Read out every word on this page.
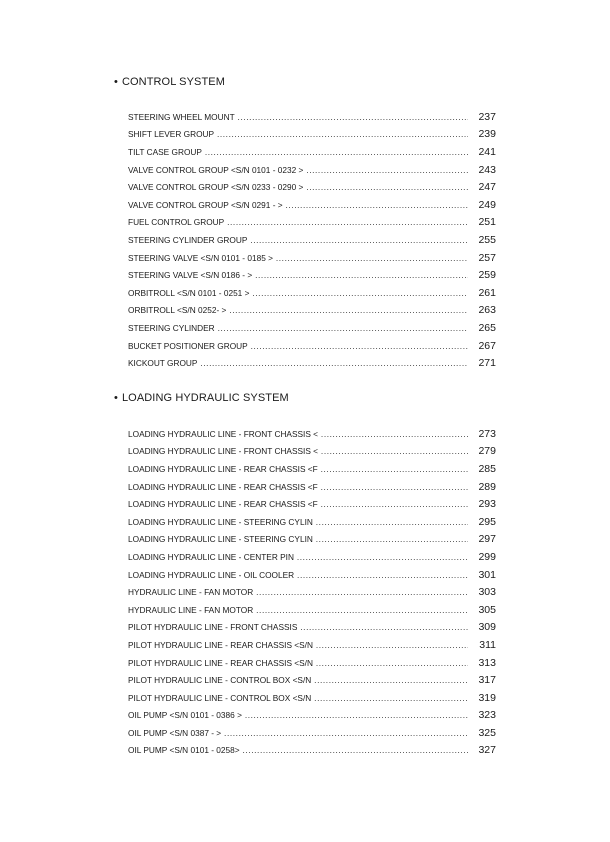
• CONTROL SYSTEM
STEERING WHEEL MOUNT .....	237
SHIFT LEVER GROUP .....	239
TILT CASE GROUP .....	241
VALVE CONTROL GROUP <S/N 0101 - 0232 > .....	243
VALVE CONTROL GROUP <S/N 0233 - 0290 > .....	247
VALVE CONTROL GROUP <S/N 0291 - > .....	249
FUEL CONTROL GROUP .....	251
STEERING CYLINDER GROUP .....	255
STEERING VALVE <S/N 0101 - 0185 > .....	257
STEERING VALVE <S/N 0186 - > .....	259
ORBITROLL <S/N 0101 - 0251 > .....	261
ORBITROLL <S/N 0252- > .....	263
STEERING CYLINDER .....	265
BUCKET POSITIONER GROUP .....	267
KICKOUT GROUP .....	271
• LOADING HYDRAULIC SYSTEM
LOADING HYDRAULIC LINE - FRONT CHASSIS < .....	273
LOADING HYDRAULIC LINE - FRONT CHASSIS < .....	279
LOADING HYDRAULIC LINE - REAR CHASSIS <F .....	285
LOADING HYDRAULIC LINE - REAR CHASSIS <F .....	289
LOADING HYDRAULIC LINE - REAR CHASSIS <F .....	293
LOADING HYDRAULIC LINE - STEERING CYLIN .....	295
LOADING HYDRAULIC LINE - STEERING CYLIN .....	297
LOADING HYDRAULIC LINE - CENTER PIN .....	299
LOADING HYDRAULIC LINE - OIL COOLER .....	301
HYDRAULIC LINE - FAN MOTOR .....	303
HYDRAULIC LINE - FAN MOTOR .....	305
PILOT HYDRAULIC LINE - FRONT CHASSIS .....	309
PILOT HYDRAULIC LINE - REAR CHASSIS <S/N .....	311
PILOT HYDRAULIC LINE - REAR CHASSIS <S/N .....	313
PILOT HYDRAULIC LINE - CONTROL BOX <S/N .....	317
PILOT HYDRAULIC LINE - CONTROL BOX <S/N .....	319
OIL PUMP <S/N 0101 - 0386 > .....	323
OIL PUMP <S/N 0387 - > .....	325
OIL PUMP <S/N 0101 - 0258> .....	327
